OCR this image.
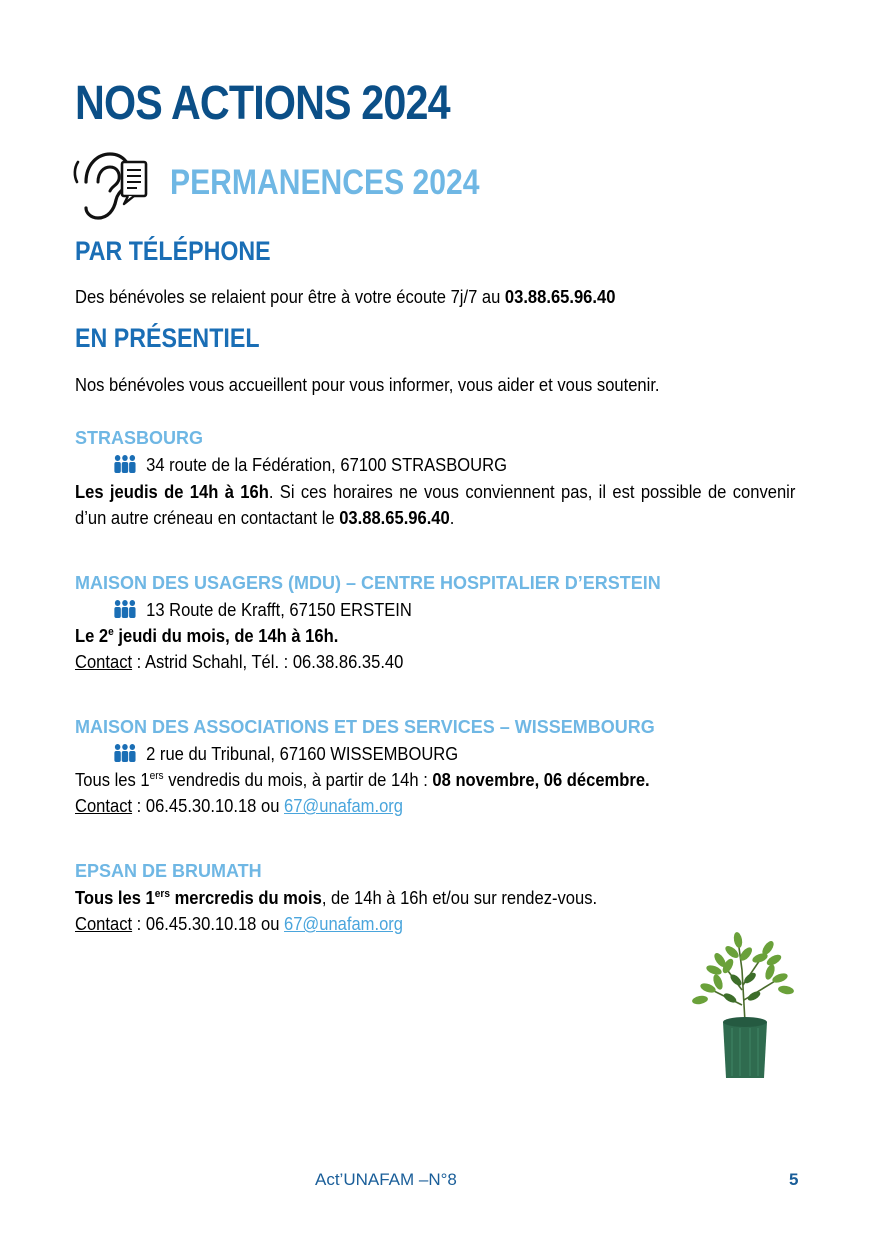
NOS ACTIONS 2024
PERMANENCES 2024
PAR TÉLÉPHONE
Des bénévoles se relaient pour être à votre écoute 7j/7 au 03.88.65.96.40
EN PRÉSENTIEL
Nos bénévoles vous accueillent pour vous informer, vous aider et vous soutenir.
STRASBOURG
34 route de la Fédération, 67100 STRASBOURG
Les jeudis de 14h à 16h. Si ces horaires ne vous conviennent pas, il est possible de convenir d’un autre créneau en contactant le 03.88.65.96.40.
MAISON DES USAGERS (MDU) – CENTRE HOSPITALIER D’ERSTEIN
13 Route de Krafft, 67150 ERSTEIN
Le 2e jeudi du mois, de 14h à 16h.
Contact : Astrid Schahl, Tél. : 06.38.86.35.40
MAISON DES ASSOCIATIONS ET DES SERVICES – WISSEMBOURG
2 rue du Tribunal, 67160 WISSEMBOURG
Tous les 1ers vendredis du mois, à partir de 14h : 08 novembre, 06 décembre.
Contact : 06.45.30.10.18 ou 67@unafam.org
EPSAN DE BRUMATH
Tous les 1ers mercredis du mois, de 14h à 16h et/ou sur rendez-vous.
Contact : 06.45.30.10.18 ou 67@unafam.org
Act’UNAFAM –N°8	5
